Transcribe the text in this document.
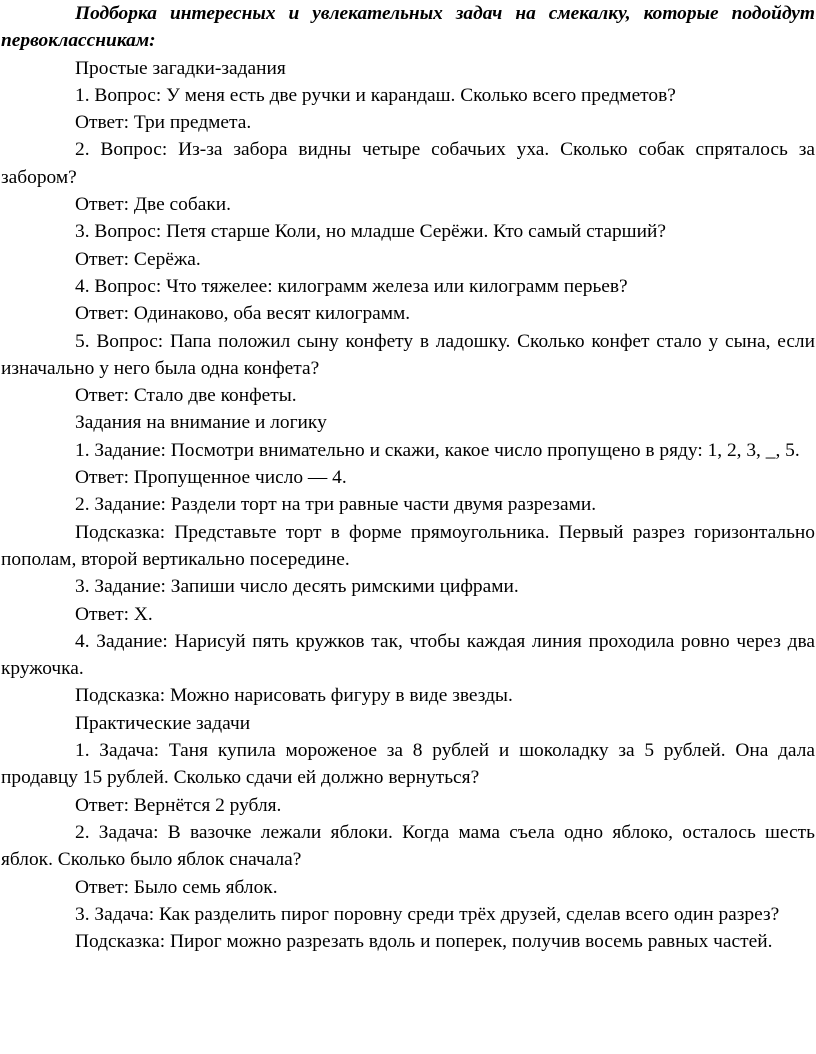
Подборка интересных и увлекательных задач на смекалку, которые подойдут первоклассникам:

Простые загадки-задания

1. Вопрос: У меня есть две ручки и карандаш. Сколько всего предметов?

Ответ: Три предмета.

2. Вопрос: Из-за забора видны четыре собачьих уха. Сколько собак спряталось за забором?

Ответ: Две собаки.

3. Вопрос: Петя старше Коли, но младше Серёжи. Кто самый старший?

Ответ: Серёжа.

4. Вопрос: Что тяжелее: килограмм железа или килограмм перьев?

Ответ: Одинаково, оба весят килограмм.

5. Вопрос: Папа положил сыну конфету в ладошку. Сколько конфет стало у сына, если изначально у него была одна конфета?

Ответ: Стало две конфеты.

Задания на внимание и логику

1. Задание: Посмотри внимательно и скажи, какое число пропущено в ряду: 1, 2, 3, _, 5.

Ответ: Пропущенное число — 4.

2. Задание: Раздели торт на три равные части двумя разрезами.

Подсказка: Представьте торт в форме прямоугольника. Первый разрез горизонтально пополам, второй вертикально посередине.

3. Задание: Запиши число десять римскими цифрами.

Ответ: X.

4. Задание: Нарисуй пять кружков так, чтобы каждая линия проходила ровно через два кружочка.

Подсказка: Можно нарисовать фигуру в виде звезды.

Практические задачи

1. Задача: Таня купила мороженое за 8 рублей и шоколадку за 5 рублей. Она дала продавцу 15 рублей. Сколько сдачи ей должно вернуться?

Ответ: Вернётся 2 рубля.

2. Задача: В вазочке лежали яблоки. Когда мама съела одно яблоко, осталось шесть яблок. Сколько было яблок сначала?

Ответ: Было семь яблок.

3. Задача: Как разделить пирог поровну среди трёх друзей, сделав всего один разрез?

Подсказка: Пирог можно разрезать вдоль и поперек, получив восемь равных частей.
